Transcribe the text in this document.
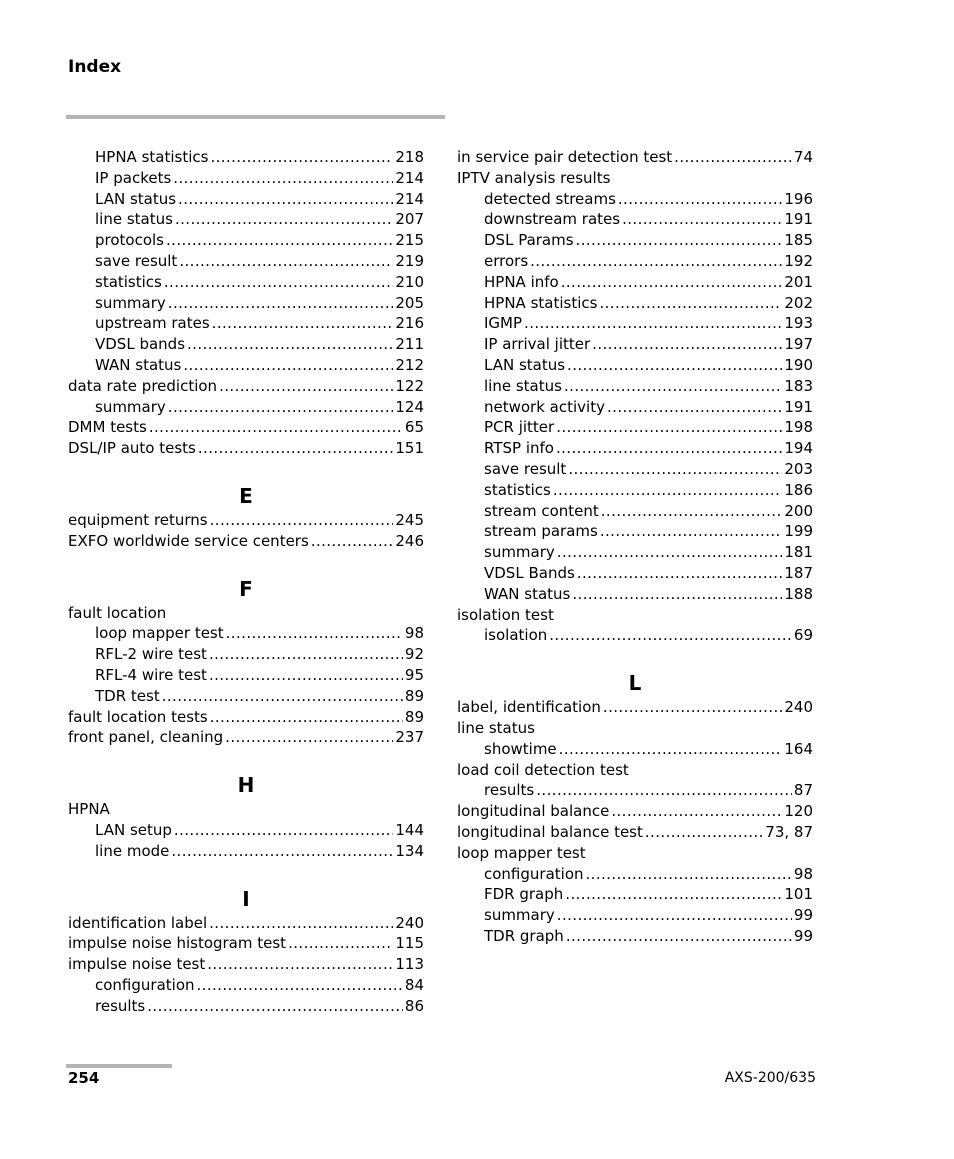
Index
HPNA statistics .....	218
IP packets .....	214
LAN status .....	214
line status .....	207
protocols .....	215
save result .....	219
statistics .....	210
summary .....	205
upstream rates .....	216
VDSL bands .....	211
WAN status .....	212
data rate prediction .....	122
summary .....	124
DMM tests .....	65
DSL/IP auto tests .....	151
E
equipment returns .....	245
EXFO worldwide service centers .....	246
F
fault location
loop mapper test .....	98
RFL-2 wire test .....	92
RFL-4 wire test .....	95
TDR test .....	89
fault location tests .....	89
front panel, cleaning .....	237
H
HPNA
LAN setup .....	144
line mode .....	134
I
identification label .....	240
impulse noise histogram test .....	115
impulse noise test .....	113
configuration .....	84
results .....	86
in service pair detection test .....	74
IPTV analysis results
detected streams .....	196
downstream rates .....	191
DSL Params .....	185
errors .....	192
HPNA info .....	201
HPNA statistics .....	202
IGMP .....	193
IP arrival jitter .....	197
LAN status .....	190
line status .....	183
network activity .....	191
PCR jitter .....	198
RTSP info .....	194
save result .....	203
statistics .....	186
stream content .....	200
stream params .....	199
summary .....	181
VDSL Bands .....	187
WAN status .....	188
isolation test
isolation .....	69
L
label, identification .....	240
line status
showtime .....	164
load coil detection test
results .....	87
longitudinal balance .....	120
longitudinal balance test .....	73, 87
loop mapper test
configuration .....	98
FDR graph .....	101
summary .....	99
TDR graph .....	99
254	AXS-200/635
